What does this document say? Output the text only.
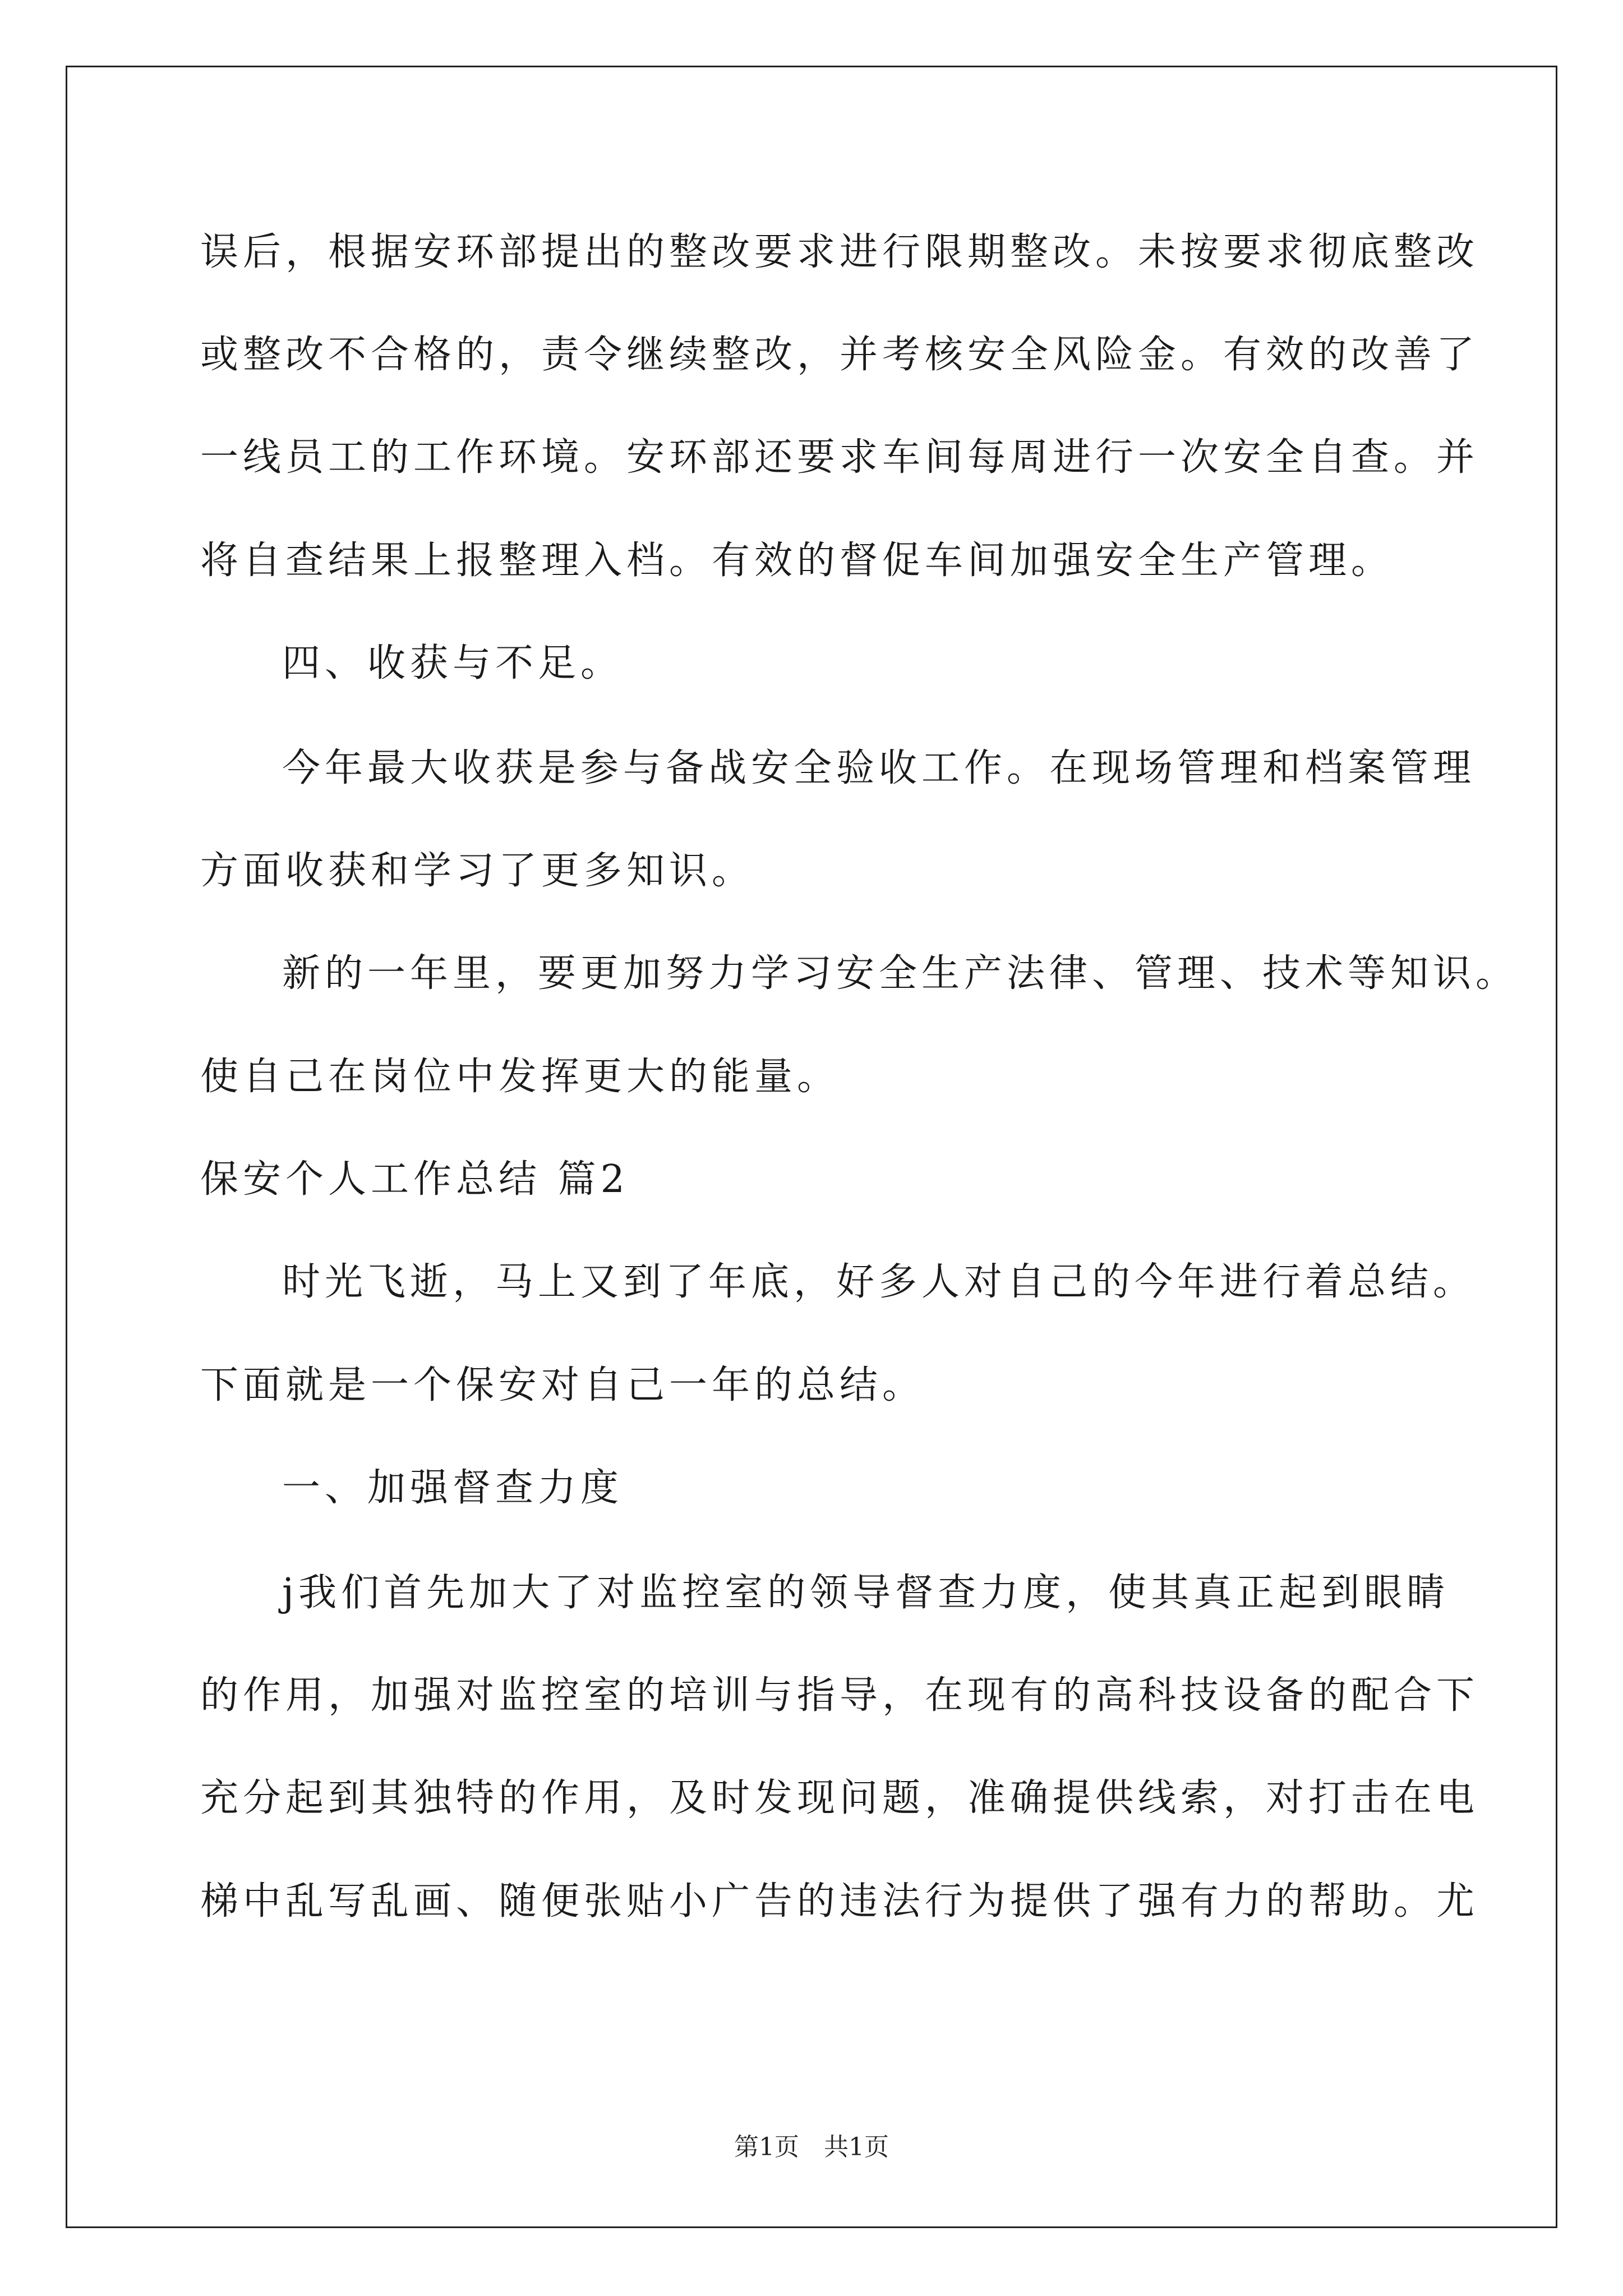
误后，根据安环部提出的整改要求进行限期整改。未按要求彻底整改
或整改不合格的，责令继续整改，并考核安全风险金。有效的改善了
一线员工的工作环境。安环部还要求车间每周进行一次安全自查。并
将自查结果上报整理入档。有效的督促车间加强安全生产管理。
四、收获与不足。
今年最大收获是参与备战安全验收工作。在现场管理和档案管理
方面收获和学习了更多知识。
新的一年里，要更加努力学习安全生产法律、管理、技术等知识。
使自己在岗位中发挥更大的能量。
保安个人工作总结 篇2
时光飞逝，马上又到了年底，好多人对自己的今年进行着总结。
下面就是一个保安对自己一年的总结。
一、加强督查力度
j我们首先加大了对监控室的领导督查力度，使其真正起到眼睛
的作用，加强对监控室的培训与指导，在现有的高科技设备的配合下
充分起到其独特的作用，及时发现问题，准确提供线索，对打击在电
梯中乱写乱画、随便张贴小广告的违法行为提供了强有力的帮助。尤
第1页　共1页
